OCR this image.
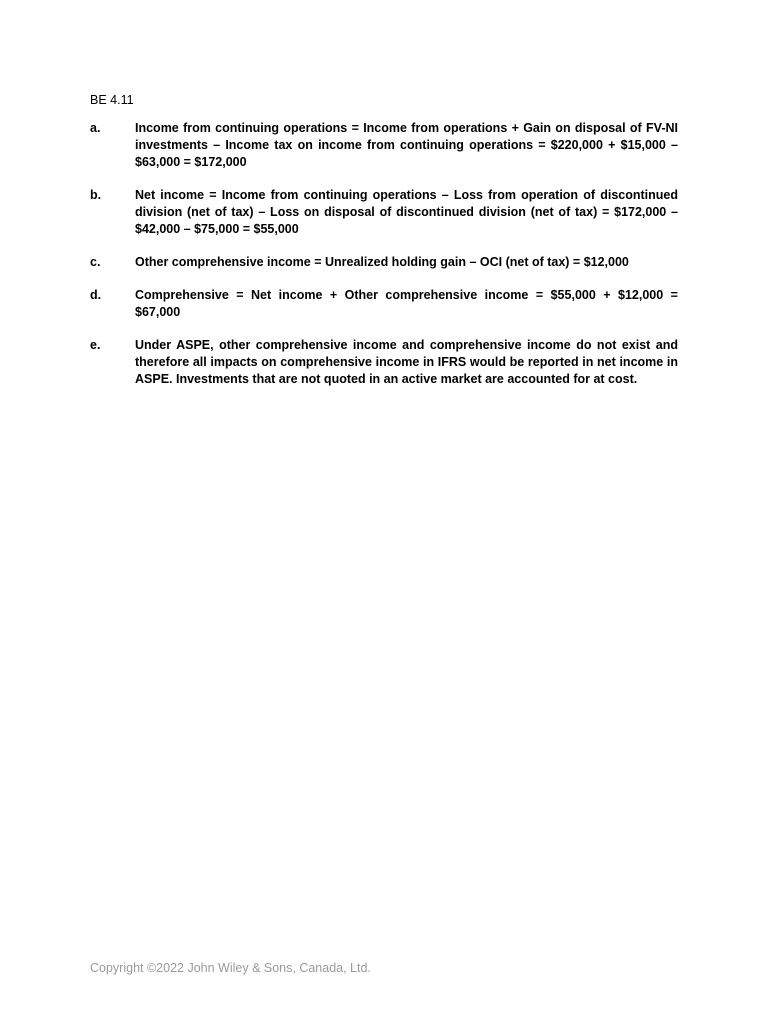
BE 4.11
a.	Income from continuing operations = Income from operations + Gain on disposal of FV-NI investments – Income tax on income from continuing operations = $220,000 + $15,000 – $63,000 = $172,000
b.	Net income = Income from continuing operations – Loss from operation of discontinued division (net of tax) – Loss on disposal of discontinued division (net of tax) = $172,000 – $42,000 – $75,000 = $55,000
c.	Other comprehensive income = Unrealized holding gain – OCI (net of tax) = $12,000
d.	Comprehensive = Net income + Other comprehensive income = $55,000 + $12,000 = $67,000
e.	Under ASPE, other comprehensive income and comprehensive income do not exist and therefore all impacts on comprehensive income in IFRS would be reported in net income in ASPE. Investments that are not quoted in an active market are accounted for at cost.
Copyright ©2022 John Wiley & Sons, Canada, Ltd.
